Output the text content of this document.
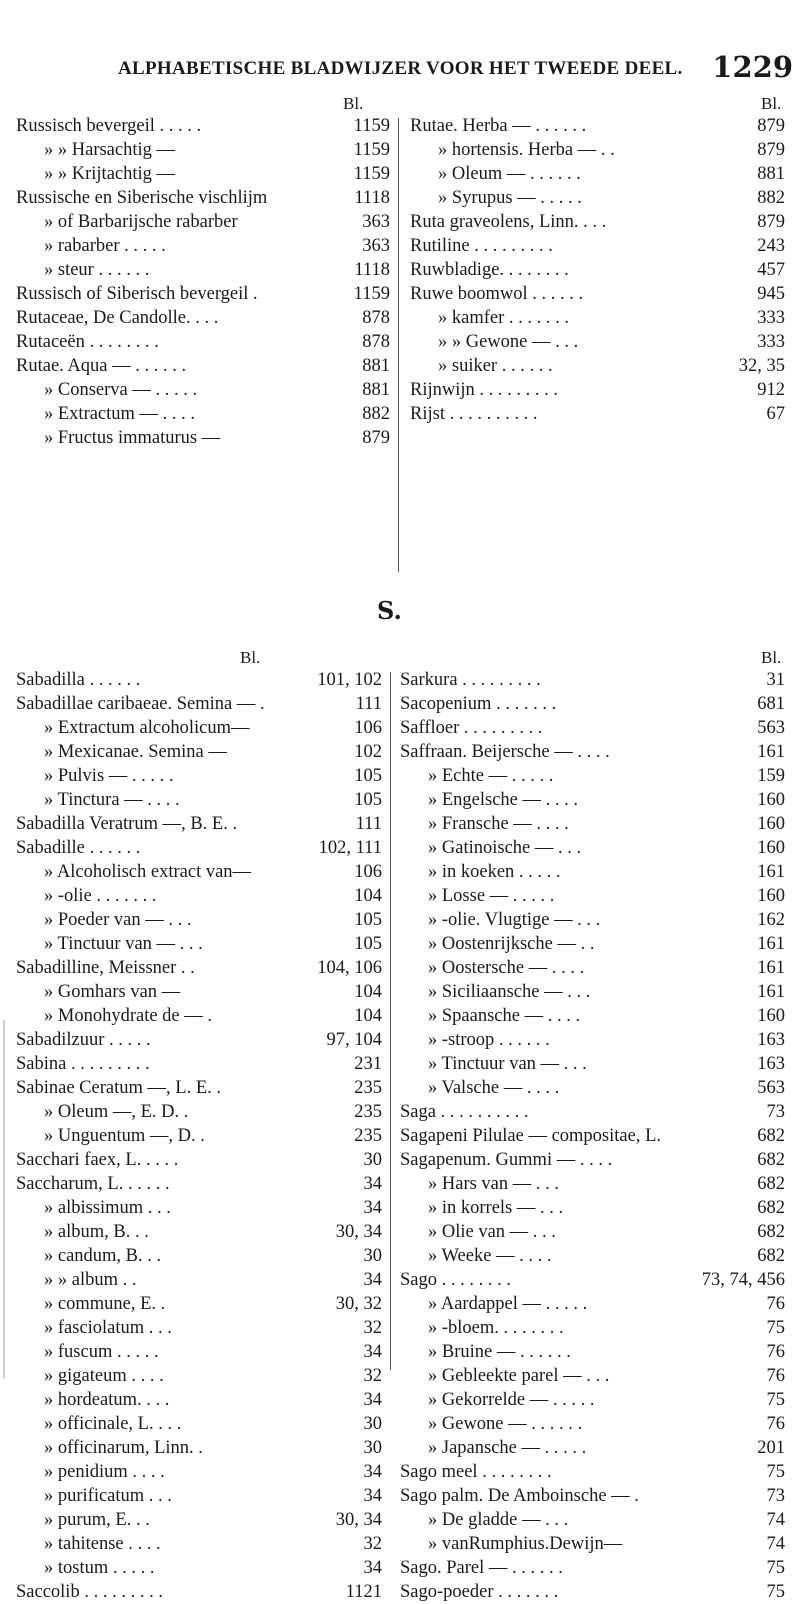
ALPHABETISCHE BLADWIJZER VOOR HET TWEEDE DEEL. 1229
Bl.	Bl.
Russisch bevergeil . . . . .	1159
» » Harsachtig —	1159
» » Krijtachtig —	1159
Russische en Siberische vischlijm	1118
» of Barbarijsche rabarber	363
» rabarber . . . . .	363
» steur . . . . . .	1118
Russisch of Siberisch bevergeil .	1159
Rutaceae, De Candolle. . . .	878
Rutaceën . . . . . . . .	878
Rutae. Aqua — . . . . . .	881
» Conserva — . . . . .	881
» Extractum — . . . .	882
» Fructus immaturus —	879
Rutae. Herba — . . . . . .	879
» hortensis. Herba — . .	879
» Oleum — . . . . . .	881
» Syrupus — . . . . .	882
Ruta graveolens, Linn. . . .	879
Rutiline . . . . . . . . .	243
Ruwbladige. . . . . . . .	457
Ruwe boomwol . . . . . .	945
» kamfer . . . . . . .	333
» » Gewone — . . .	333
» suiker . . . . . .	32, 35
Rijnwijn . . . . . . . . .	912
Rijst . . . . . . . . . .	67
S.
Bl.	Bl.
Sabadilla . . . . . .	101, 102
Sabadillae caribaeae. Semina — .	111
» Extractum alcoholicum—	106
» Mexicanae. Semina —	102
» Pulvis — . . . . .	105
» Tinctura — . . . .	105
Sabadilla Veratrum —, B. E. .	111
Sabadille . . . . . .	102, 111
» Alcoholisch extract van—	106
» -olie . . . . . . .	104
» Poeder van — . . .	105
» Tinctuur van — . . .	105
Sabadilline, Meissner . .	104, 106
» Gomhars van —	104
» Monohydrate de — .	104
Sabadilzuur . . . . .	97, 104
Sabina . . . . . . . . .	231
Sabinae Ceratum —, L. E. .	235
» Oleum —, E. D. .	235
» Unguentum —, D. .	235
Sacchari faex, L. . . . .	30
Saccharum, L. . . . . .	34
» albissimum . . .	34
» album, B. . .	30, 34
» candum, B. . .	30
» » album . .	34
» commune, E. .	30, 32
» fasciolatum . . .	32
» fuscum . . . . .	34
» gigateum . . . .	32
» hordeatum. . . .	34
» officinale, L. . . .	30
» officinarum, Linn. .	30
» penidium . . . .	34
» purificatum . . .	34
» purum, E. . .	30, 34
» tahitense . . . .	32
» tostum . . . . .	34
Saccolib . . . . . . . . .	1121
Sarkura . . . . . . . . .	31
Sacopenium . . . . . . .	681
Saffloer . . . . . . . . .	563
Saffraan. Beijersche — . . . .	161
» Echte — . . . . .	159
» Engelsche — . . . .	160
» Fransche — . . . .	160
» Gatinoische — . . .	160
» in koeken . . . . .	161
» Losse — . . . . .	160
» -olie. Vlugtige — . . .	162
» Oostenrijksche — . .	161
» Oostersche — . . . .	161
» Siciliaansche — . . .	161
» Spaansche — . . . .	160
» -stroop . . . . . .	163
» Tinctuur van — . . .	163
» Valsche — . . . .	563
Saga . . . . . . . . . .	73
Sagapeni Pilulae — compositae, L.	682
Sagapenum. Gummi — . . . .	682
» Hars van — . . .	682
» in korrels — . . .	682
» Olie van — . . .	682
» Weeke — . . . .	682
Sago . . . . . . . .	73, 74, 456
» Aardappel — . . . . .	76
» -bloem. . . . . . . .	75
» Bruine — . . . . . .	76
» Gebleekte parel — . . .	76
» Gekorrelde — . . . . .	75
» Gewone — . . . . . .	76
» Japansche — . . . . .	201
Sago meel . . . . . . . .	75
Sago palm. De Amboinsche — .	73
» De gladde — . . .	74
» vanRumphius.Dewijn—	74
Sago. Parel — . . . . . .	75
Sago-poeder . . . . . . .	75
